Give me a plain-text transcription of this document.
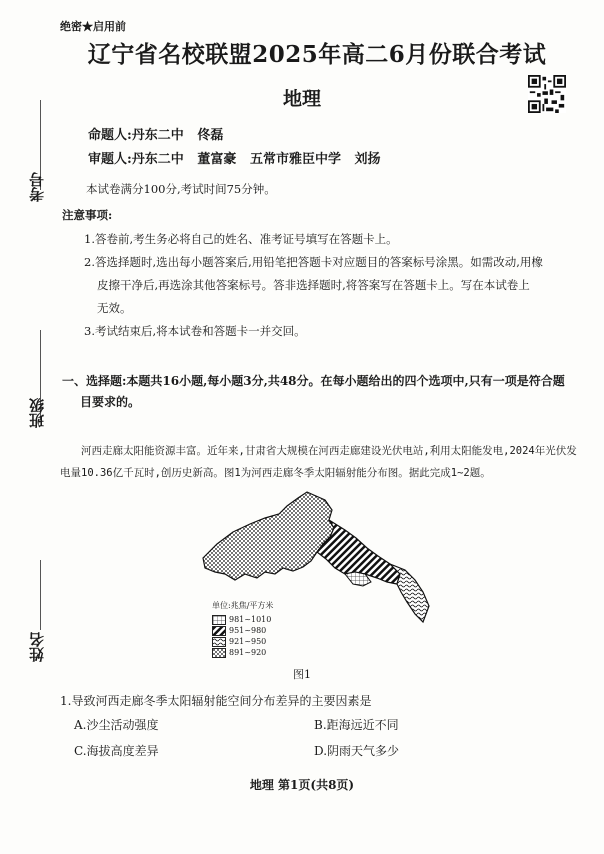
绝密★启用前
辽宁省名校联盟2025年高二6月份联合考试
地理
命题人:丹东二中   佟磊
审题人:丹东二中   董富豪   五常市雅臣中学   刘扬
考号
班级
姓名
本试卷满分100分,考试时间75分钟。
注意事项:

1.答卷前,考生务必将自己的姓名、准考证号填写在答题卡上。

2.答选择题时,选出每小题答案后,用铅笔把答题卡对应题目的答案标号涂黑。如需改动,用橡

皮擦干净后,再选涂其他答案标号。答非选择题时,将答案写在答题卡上。写在本试卷上

无效。

3.考试结束后,将本试卷和答题卡一并交回。

一、选择题:本题共16小题,每小题3分,共48分。在每小题给出的四个选项中,只有一项是符合题
目要求的。
河西走廊太阳能资源丰富。近年来,甘肃省大规模在河西走廊建设光伏电站,利用太阳能发电,2024年光伏发电量10.36亿千瓦时,创历史新高。图1为河西走廊冬季太阳辐射能分布图。据此完成1~2题。
单位:兆焦/平方米
981~1010
951~980
921~950
891~920
图1
1.导致河西走廊冬季太阳辐射能空间分布差异的主要因素是
A.沙尘活动强度	B.距海远近不同
C.海拔高度差异	D.阴雨天气多少
地理 第1页(共8页)
